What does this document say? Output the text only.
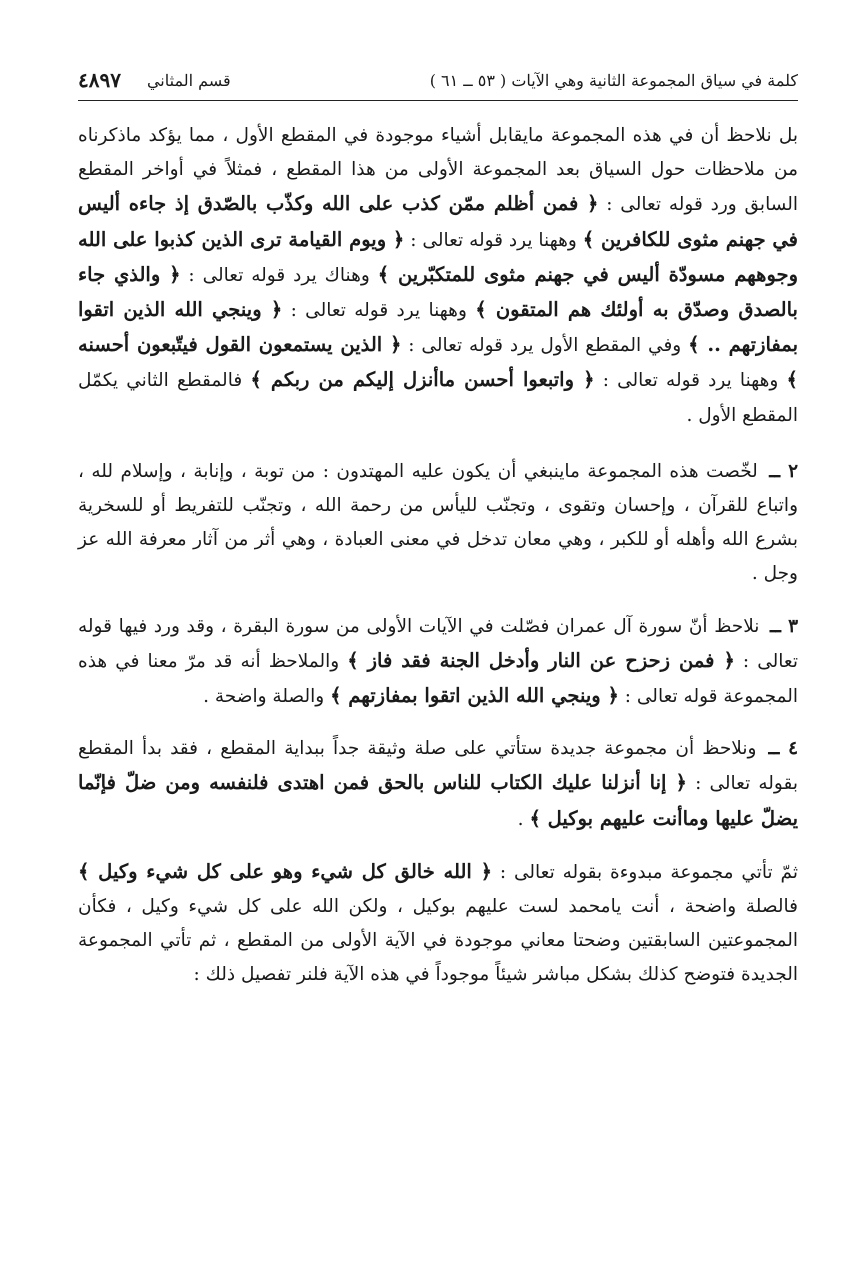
كلمة في سياق المجموعة الثانية وهي الآيات ( ٥٣ ــ ٦١ )
قسم المثاني
٤٨٩٧

بل نلاحظ أن في هذه المجموعة مايقابل أشياء موجودة في المقطع الأول ، مما يؤكد ماذكرناه من ملاحظات حول السياق بعد المجموعة الأولى من هذا المقطع ، فمثلاً في أواخر المقطع السابق ورد قوله تعالى : ﴿ فمن أظلم ممّن كذب على الله وكذّب بالصّدق إذ جاءه أليس في جهنم مثوى للكافرين ﴾ وههنا يرد قوله تعالى : ﴿ ويوم القيامة ترى الذين كذبوا على الله وجوههم مسودّة أليس في جهنم مثوى للمتكبّرين ﴾ وهناك يرد قوله تعالى : ﴿ والذي جاء بالصدق وصدّق به أولئك هم المتقون ﴾ وههنا يرد قوله تعالى : ﴿ وينجي الله الذين اتقوا بمفازتهم .. ﴾ وفي المقطع الأول يرد قوله تعالى : ﴿ الذين يستمعون القول فيتّبعون أحسنه ﴾ وههنا يرد قوله تعالى : ﴿ واتبعوا أحسن ماأنزل إليكم من ربكم ﴾ فالمقطع الثاني يكمّل المقطع الأول .

٢ ــ لخّصت هذه المجموعة ماينبغي أن يكون عليه المهتدون : من توبة ، وإنابة ، وإسلام لله ، واتباع للقرآن ، وإحسان وتقوى ، وتجنّب لليأس من رحمة الله ، وتجنّب للتفريط أو للسخرية بشرع الله وأهله أو للكبر ، وهي معان تدخل في معنى العبادة ، وهي أثر من آثار معرفة الله عز وجل .

٣ ــ نلاحظ أنّ سورة آل عمران فصّلت في الآيات الأولى من سورة البقرة ، وقد ورد فيها قوله تعالى : ﴿ فمن زحزح عن النار وأدخل الجنة فقد فاز ﴾ والملاحظ أنه قد مرّ معنا في هذه المجموعة قوله تعالى : ﴿ وينجي الله الذين اتقوا بمفازتهم ﴾ والصلة واضحة .

٤ ــ ونلاحظ أن مجموعة جديدة ستأتي على صلة وثيقة جداً ببداية المقطع ، فقد بدأ المقطع بقوله تعالى : ﴿ إنا أنزلنا عليك الكتاب للناس بالحق فمن اهتدى فلنفسه ومن ضلّ فإنّما يضلّ عليها وماأنت عليهم بوكيل ﴾ .

ثمّ تأتي مجموعة مبدوءة بقوله تعالى : ﴿ الله خالق كل شيء وهو على كل شيء وكيل ﴾ فالصلة واضحة ، أنت يامحمد لست عليهم بوكيل ، ولكن الله على كل شيء وكيل ، فكأن المجموعتين السابقتين وضحتا معاني موجودة في الآية الأولى من المقطع ، ثم تأتي المجموعة الجديدة فتوضح كذلك بشكل مباشر شيئاً موجوداً في هذه الآية فلنر تفصيل ذلك :
